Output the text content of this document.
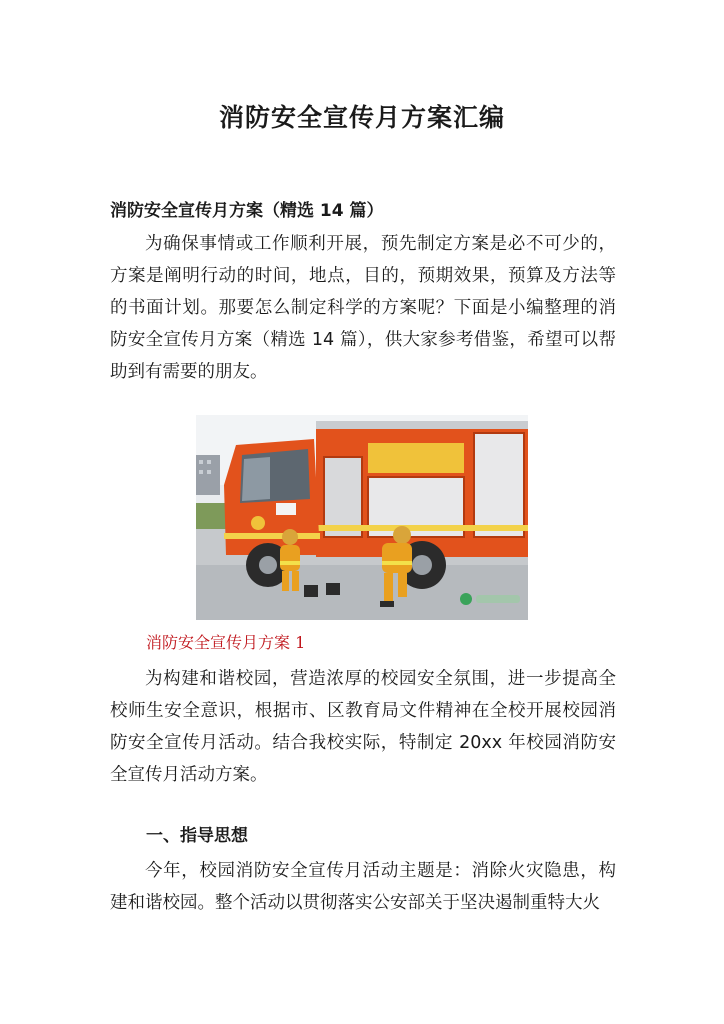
消防安全宣传月方案汇编
消防安全宣传月方案（精选 14 篇）

为确保事情或工作顺利开展，预先制定方案是必不可少的，方案是阐明行动的时间，地点，目的，预期效果，预算及方法等的书面计划。那要怎么制定科学的方案呢？下面是小编整理的消防安全宣传月方案（精选 14 篇），供大家参考借鉴，希望可以帮助到有需要的朋友。

消防安全宣传月方案 1

为构建和谐校园，营造浓厚的校园安全氛围，进一步提高全校师生安全意识，根据市、区教育局文件精神在全校开展校园消防安全宣传月活动。结合我校实际，特制定 20xx 年校园消防安全宣传月活动方案。

一、指导思想

今年，校园消防安全宣传月活动主题是：消除火灾隐患，构建和谐校园。整个活动以贯彻落实公安部关于坚决遏制重特大火
